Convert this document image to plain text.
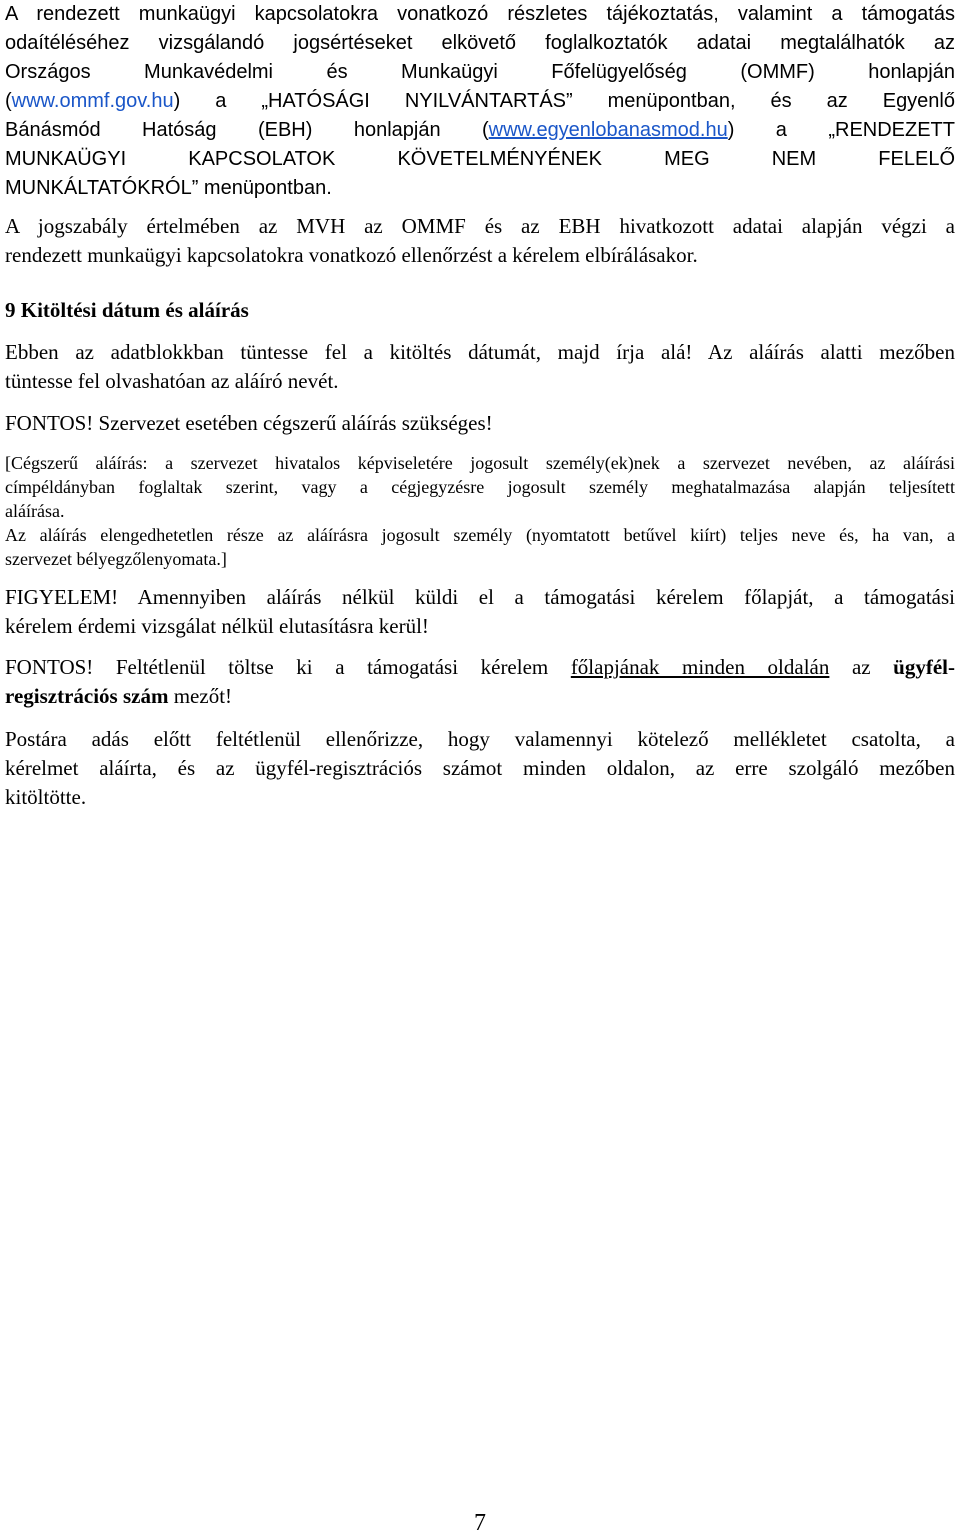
A rendezett munkaügyi kapcsolatokra vonatkozó részletes tájékoztatás, valamint a támogatás
odaítéléséhez vizsgálandó jogsértéseket elkövető foglalkoztatók adatai megtalálhatók az
Országos Munkavédelmi és Munkaügyi Főfelügyelőség (OMMF) honlapján
(www.ommf.gov.hu) a „HATÓSÁGI NYILVÁNTARTÁS” menüpontban, és az Egyenlő
Bánásmód Hatóság (EBH) honlapján (www.egyenlobanasmod.hu) a „RENDEZETT
MUNKAÜGYI KAPCSOLATOK KÖVETELMÉNYÉNEK MEG NEM FELELŐ
MUNKÁLTATÓKRÓL” menüpontban.
A jogszabály értelmében az MVH az OMMF és az EBH hivatkozott adatai alapján végzi a
rendezett munkaügyi kapcsolatokra vonatkozó ellenőrzést a kérelem elbírálásakor.
9 Kitöltési dátum és aláírás
Ebben az adatblokkban tüntesse fel a kitöltés dátumát, majd írja alá! Az aláírás alatti mezőben
tüntesse fel olvashatóan az aláíró nevét.
FONTOS! Szervezet esetében cégszerű aláírás szükséges!
[Cégszerű aláírás: a szervezet hivatalos képviseletére jogosult személy(ek)nek a szervezet nevében, az aláírási
címpéldányban foglaltak szerint, vagy a cégjegyzésre jogosult személy meghatalmazása alapján teljesített
aláírása.
Az aláírás elengedhetetlen része az aláírásra jogosult személy (nyomtatott betűvel kiírt) teljes neve és, ha van, a
szervezet bélyegzőlenyomata.]
FIGYELEM! Amennyiben aláírás nélkül küldi el a támogatási kérelem főlapját, a támogatási
kérelem érdemi vizsgálat nélkül elutasításra kerül!
FONTOS! Feltétlenül töltse ki a támogatási kérelem főlapjának minden oldalán az ügyfél-
regisztrációs szám mezőt!
Postára adás előtt feltétlenül ellenőrizze, hogy valamennyi kötelező mellékletet csatolta, a
kérelmet aláírta, és az ügyfél-regisztrációs számot minden oldalon, az erre szolgáló mezőben
kitöltötte.
7
